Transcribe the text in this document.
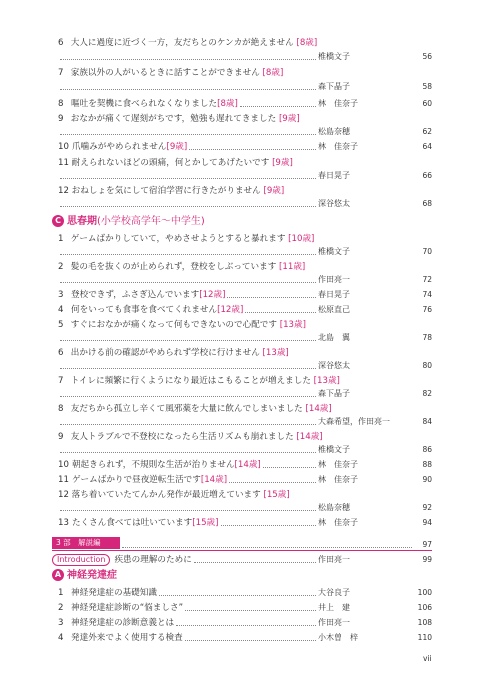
6 大人に過度に近づく一方，友だちとのケンカが絶えません [8歳]
椎橋文子	56
7 家族以外の人がいるときに話すことができません [8歳]
森下晶子	58
8 嘔吐を契機に食べられなくなりました [8歳]	林　佳奈子	60
9 おなかが痛くて遅刻がちです，勉強も遅れてきました [9歳]
松島奈穂	62
10 爪噛みがやめられません [9歳]	林　佳奈子	64
11 耐えられないほどの頭痛，何とかしてあげたいです [9歳]
春日晃子	66
12 おねしょを気にして宿泊学習に行きたがりません [9歳]
深谷悠太	68
C 思春期(小学校高学年～中学生)
1 ゲームばかりしていて，やめさせようとすると暴れます [10歳]
椎橋文子	70
2 髪の毛を抜くのが止められず，登校をしぶっています [11歳]
作田亮一	72
3 登校できず，ふさぎ込んでいます [12歳]	春日晃子	74
4 何をいっても食事を食べてくれません [12歳]	松原直己	76
5 すぐにおなかが痛くなって何もできないので心配です [13歳]
北島　翼	78
6 出かける前の確認がやめられず学校に行けません [13歳]
深谷悠太	80
7 トイレに頻繁に行くようになり最近はこもることが増えました [13歳]
森下晶子	82
8 友だちから孤立し辛くて風邪薬を大量に飲んでしまいました [14歳]
大森希望，作田亮一	84
9 友人トラブルで不登校になったら生活リズムも崩れました [14歳]
椎橋文子	86
10 朝起きられず，不規則な生活が治りません [14歳]	林　佳奈子	88
11 ゲームばかりで昼夜逆転生活です [14歳]	林　佳奈子	90
12 落ち着いていたてんかん発作が最近増えています [15歳]
松島奈穂	92
13 たくさん食べては吐いています [15歳]	林　佳奈子	94
3 部　解説編	97
Introduction	疾患の理解のために	作田亮一	99
A 神経発達症
1 神経発達症の基礎知識	大谷良子	100
2 神経発達症診断の“悩ましさ”	井上　建	106
3 神経発達症の診断意義とは	作田亮一	108
4 発達外来でよく使用する検査	小木曽　梓	110
vii
